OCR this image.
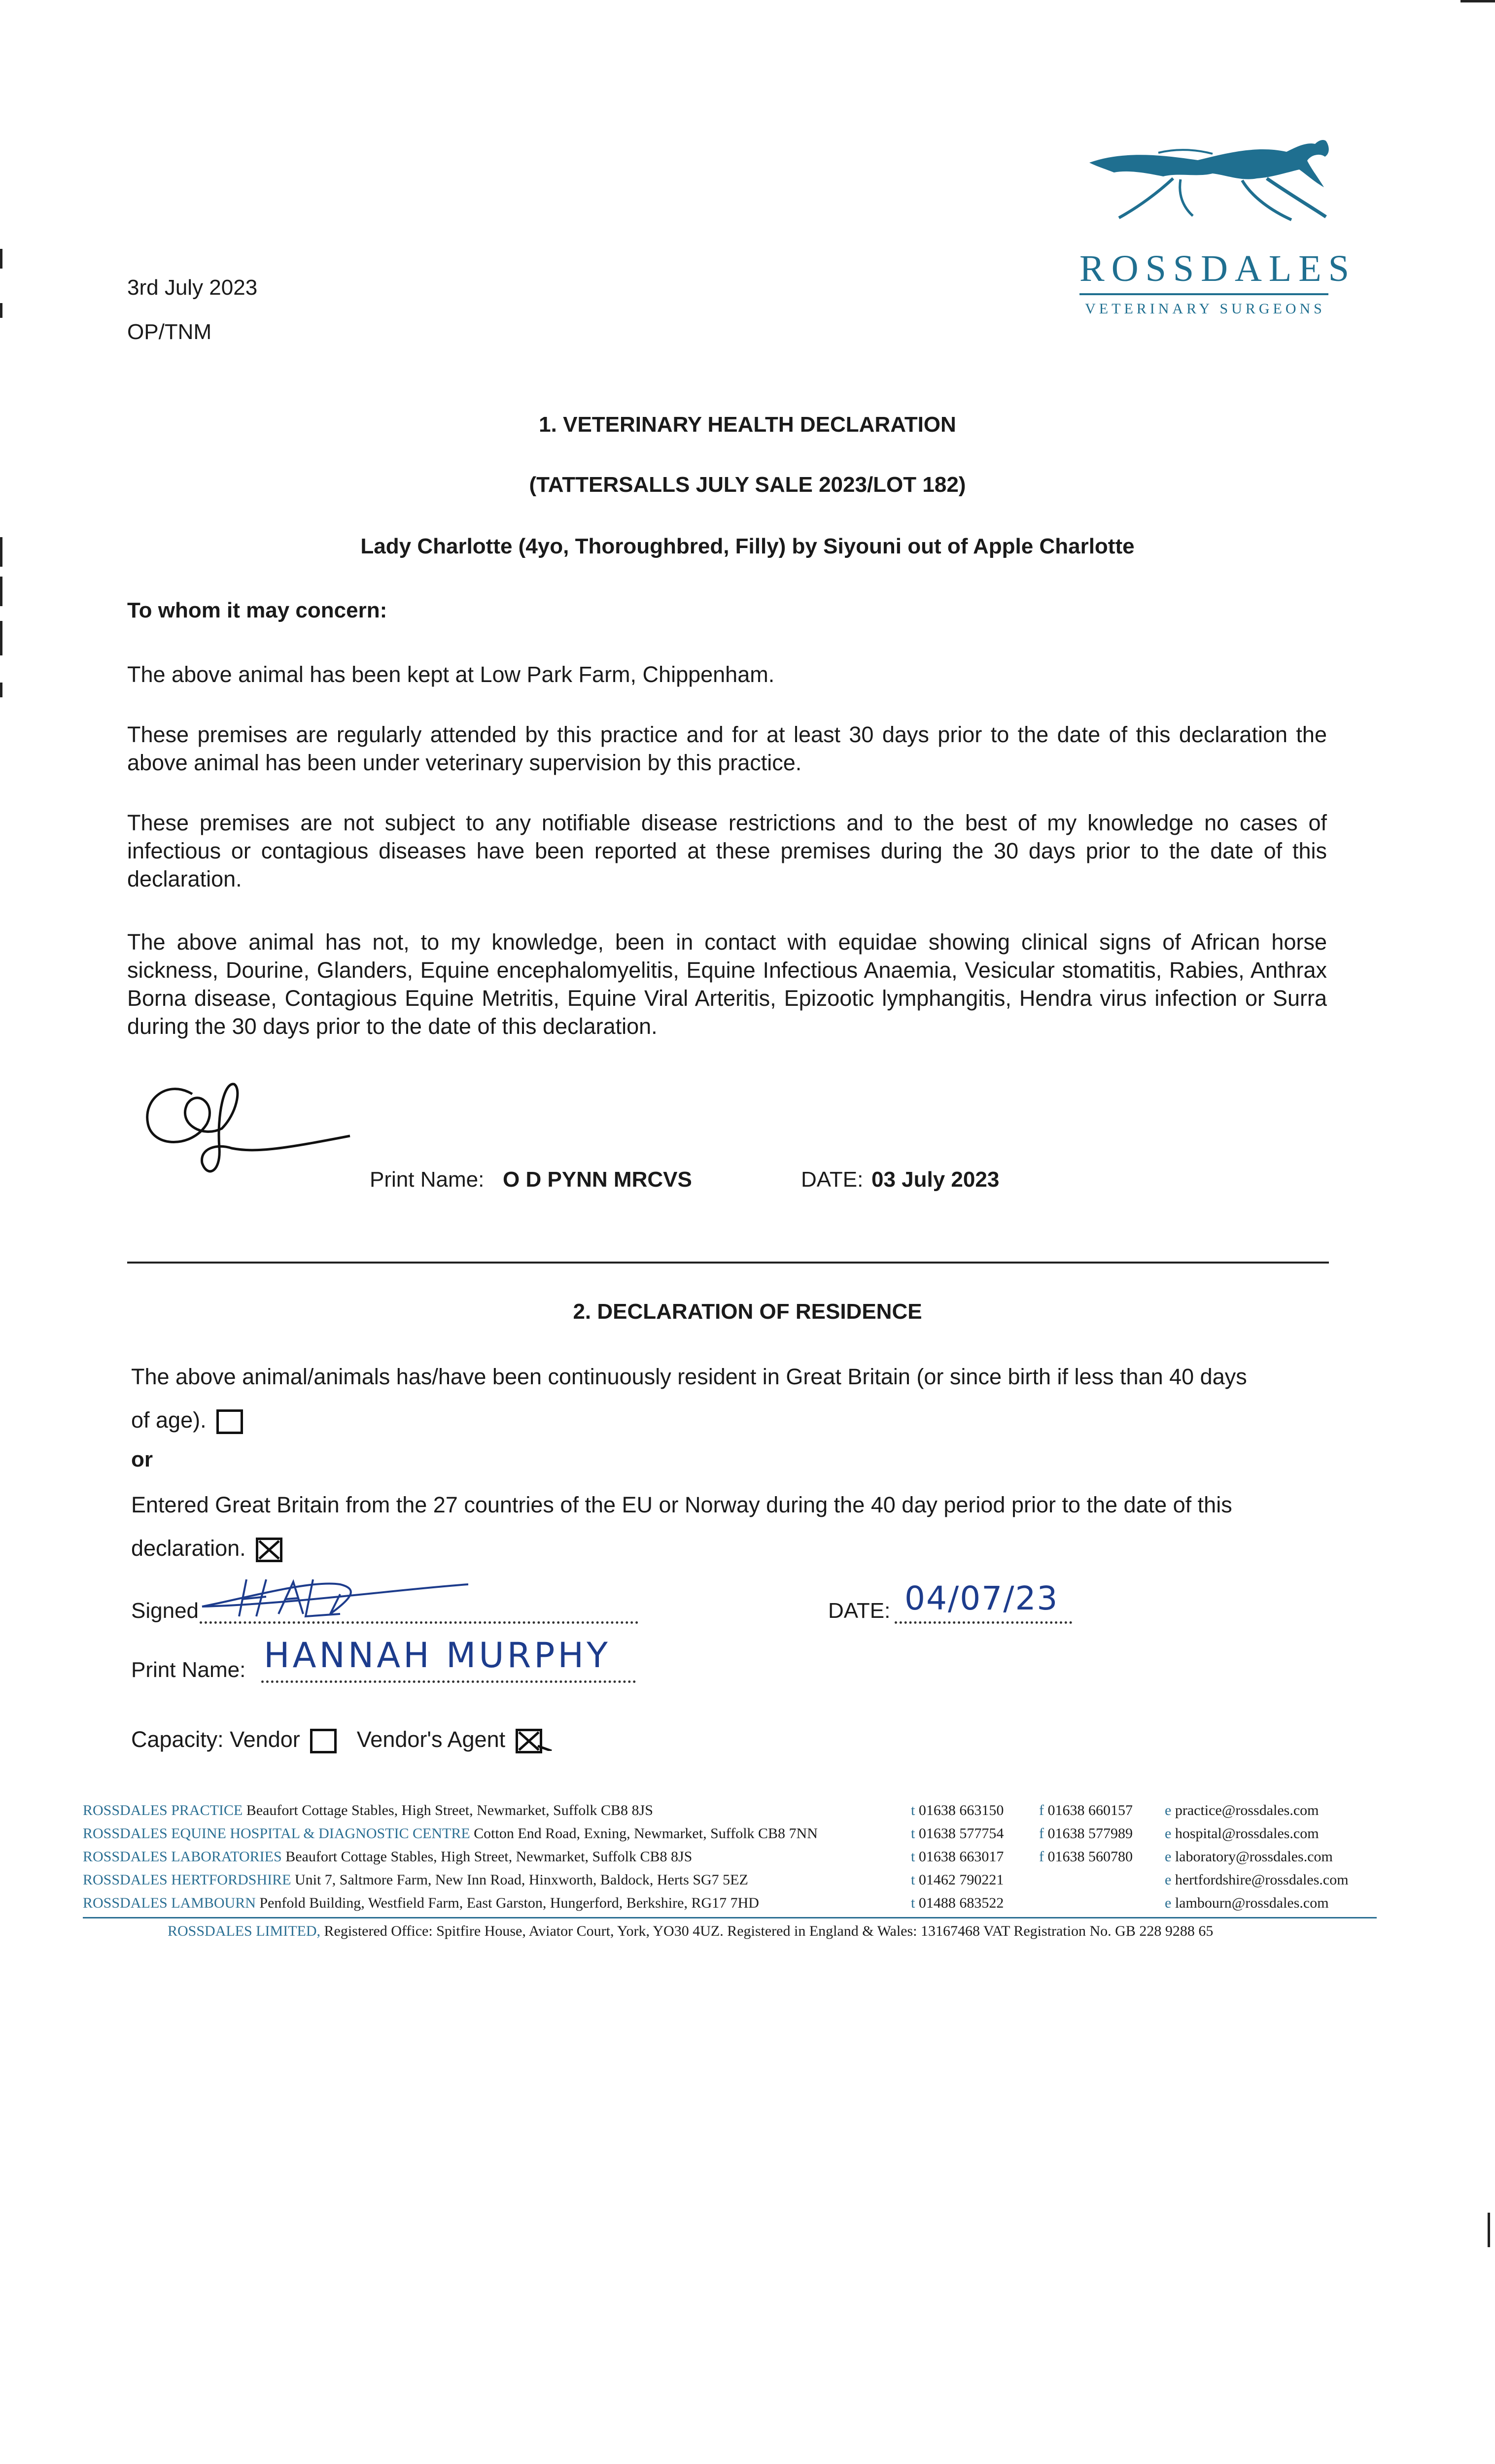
3rd July 2023
OP/TNM
ROSSDALES
VETERINARY SURGEONS
1. VETERINARY HEALTH DECLARATION
(TATTERSALLS JULY SALE 2023/LOT 182)
Lady Charlotte (4yo, Thoroughbred, Filly) by Siyouni out of Apple Charlotte
To whom it may concern:
The above animal has been kept at Low Park Farm, Chippenham.
These premises are regularly attended by this practice and for at least 30 days prior to the date of this declaration the above animal has been under veterinary supervision by this practice.
These premises are not subject to any notifiable disease restrictions and to the best of my knowledge no cases of infectious or contagious diseases have been reported at these premises during the 30 days prior to the date of this declaration.
The above animal has not, to my knowledge, been in contact with equidae showing clinical signs of African horse sickness, Dourine, Glanders, Equine encephalomyelitis, Equine Infectious Anaemia, Vesicular stomatitis, Rabies, Anthrax Borna disease, Contagious Equine Metritis, Equine Viral Arteritis, Epizootic lymphangitis, Hendra virus infection or Surra during the 30 days prior to the date of this declaration.
Print Name: O D PYNN MRCVS	DATE: 03 July 2023
2. DECLARATION OF RESIDENCE
The above animal/animals has/have been continuously resident in Great Britain (or since birth if less than 40 days of age).
or
Entered Great Britain from the 27 countries of the EU or Norway during the 40 day period prior to the date of this declaration.
Signed	DATE: 04/07/23
Print Name: HANNAH MURPHY
Capacity: Vendor	Vendor's Agent
ROSSDALES PRACTICE Beaufort Cottage Stables, High Street, Newmarket, Suffolk CB8 8JS	t 01638 663150 f 01638 660157 e practice@rossdales.com
ROSSDALES EQUINE HOSPITAL & DIAGNOSTIC CENTRE Cotton End Road, Exning, Newmarket, Suffolk CB8 7NN	t 01638 577754 f 01638 577989 e hospital@rossdales.com
ROSSDALES LABORATORIES Beaufort Cottage Stables, High Street, Newmarket, Suffolk CB8 8JS	t 01638 663017 f 01638 560780 e laboratory@rossdales.com
ROSSDALES HERTFORDSHIRE Unit 7, Saltmore Farm, New Inn Road, Hinxworth, Baldock, Herts SG7 5EZ	t 01462 790221	e hertfordshire@rossdales.com
ROSSDALES LAMBOURN Penfold Building, Westfield Farm, East Garston, Hungerford, Berkshire, RG17 7HD	t 01488 683522	e lambourn@rossdales.com
ROSSDALES LIMITED, Registered Office: Spitfire House, Aviator Court, York, YO30 4UZ. Registered in England & Wales: 13167468 VAT Registration No. GB 228 9288 65
